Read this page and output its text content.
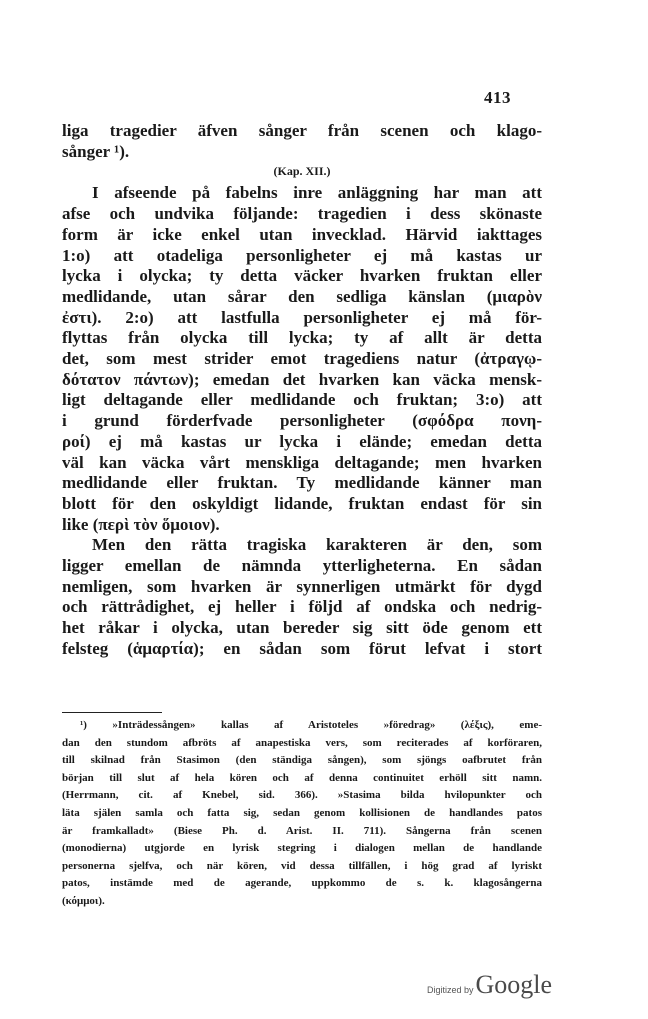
413
liga tragedier äfven sånger från scenen och klago-
sånger ¹).
(Kap. XII.)
I afseende på fabelns inre anläggning har man att
afse och undvika följande: tragedien i dess skönaste
form är icke enkel utan invecklad. Härvid iakttages
1:o) att otadeliga personligheter ej må kastas ur
lycka i olycka; ty detta väcker hvarken fruktan eller
medlidande, utan sårar den sedliga känslan (μιαρὸν
ἐστι). 2:o) att lastfulla personligheter ej må för-
flyttas från olycka till lycka; ty af allt är detta
det, som mest strider emot tragediens natur (ἀτραγῳ-
δότατον πάντων); emedan det hvarken kan väcka mensk-
ligt deltagande eller medlidande och fruktan; 3:o) att
i grund förderfvade personligheter (σφόδρα πονη-
ροί) ej må kastas ur lycka i elände; emedan detta
väl kan väcka vårt menskliga deltagande; men hvarken
medlidande eller fruktan. Ty medlidande känner man
blott för den oskyldigt lidande, fruktan endast för sin
like (περὶ τὸν ὅμοιον).
Men den rätta tragiska karakteren är den, som
ligger emellan de nämnda ytterligheterna. En sådan
nemligen, som hvarken är synnerligen utmärkt för dygd
och rättrådighet, ej heller i följd af ondska och nedrig-
het råkar i olycka, utan bereder sig sitt öde genom ett
felsteg (ἁμαρτία); en sådan som förut lefvat i stort
¹) »Inträdessången» kallas af Aristoteles »föredrag» (λέξις), eme-
dan den stundom afbröts af anapestiska vers, som reciterades af korföraren,
till skilnad från Stasimon (den ständiga sången), som sjöngs oafbrutet från
början till slut af hela kören och af denna continuitet erhöll sitt namn.
(Herrmann, cit. af Knebel, sid. 366). »Stasima bilda hvilopunkter och
läta själen samla och fatta sig, sedan genom kollisionen de handlandes patos
är framkalladt» (Biese Ph. d. Arist. II. 711). Sångerna från scenen
(monodierna) utgjorde en lyrisk stegring i dialogen mellan de handlande
personerna sjelfva, och när kören, vid dessa tillfällen, i hög grad af lyriskt
patos, instämde med de agerande, uppkommo de s. k. klagosångerna
(κόμμοι).
Digitized by Google
